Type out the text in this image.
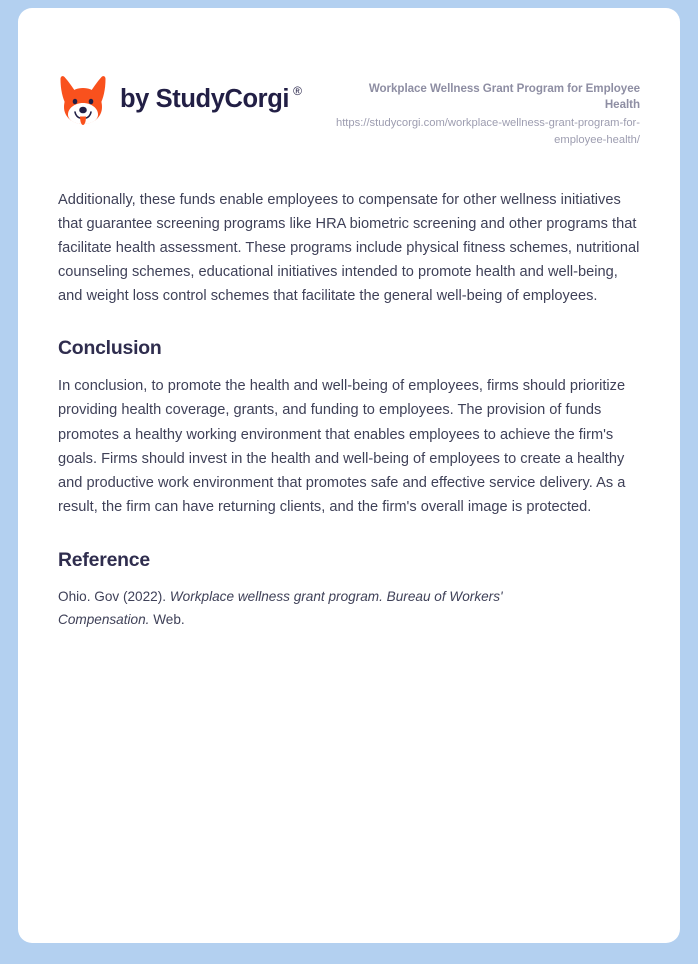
by StudyCorgi ®	Workplace Wellness Grant Program for Employee Health
https://studycorgi.com/workplace-wellness-grant-program-for-employee-health/

Additionally, these funds enable employees to compensate for other wellness initiatives that guarantee screening programs like HRA biometric screening and other programs that facilitate health assessment. These programs include physical fitness schemes, nutritional counseling schemes, educational initiatives intended to promote health and well-being, and weight loss control schemes that facilitate the general well-being of employees.

Conclusion

In conclusion, to promote the health and well-being of employees, firms should prioritize providing health coverage, grants, and funding to employees. The provision of funds promotes a healthy working environment that enables employees to achieve the firm's goals. Firms should invest in the health and well-being of employees to create a healthy and productive work environment that promotes safe and effective service delivery. As a result, the firm can have returning clients, and the firm's overall image is protected.

Reference

Ohio. Gov (2022). Workplace wellness grant program. Bureau of Workers' Compensation. Web.
